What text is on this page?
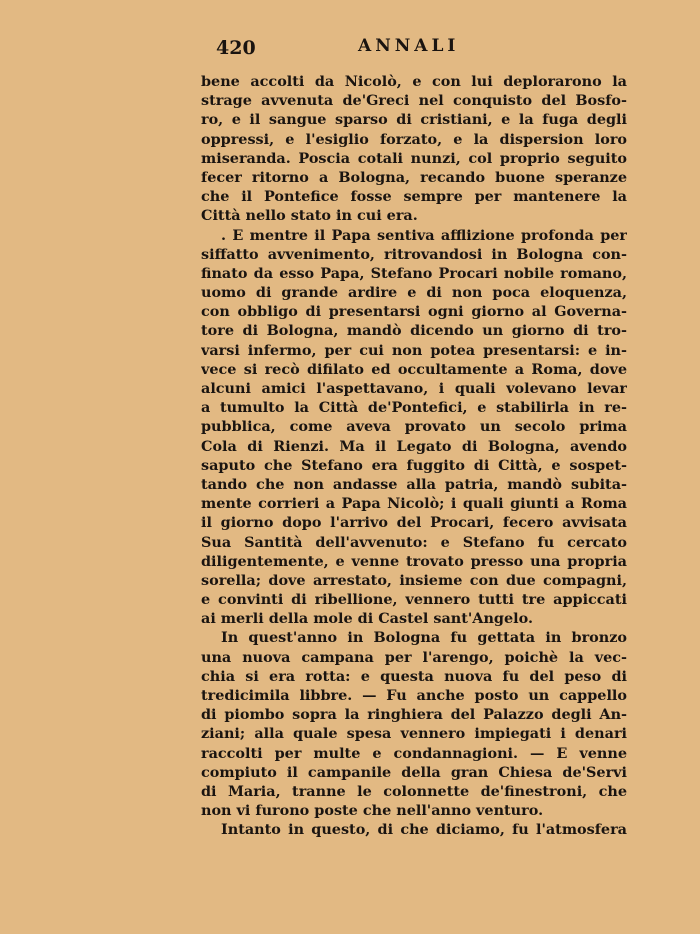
420	ANNALI
bene accolti da Nicolò, e con lui deplorarono la
strage avvenuta de'Greci nel conquisto del Bosfo-
ro, e il sangue sparso di cristiani, e la fuga degli
oppressi, e l'esiglio forzato, e la dispersion loro
miseranda. Poscia cotali nunzi, col proprio seguito
fecer ritorno a Bologna, recando buone speranze
che il Pontefice fosse sempre per mantenere la
Città nello stato in cui era.
. E mentre il Papa sentiva afflizione profonda per
siffatto avvenimento, ritrovandosi in Bologna con-
finato da esso Papa, Stefano Procari nobile romano,
uomo di grande ardire e di non poca eloquenza,
con obbligo di presentarsi ogni giorno al Governa-
tore di Bologna, mandò dicendo un giorno di tro-
varsi infermo, per cui non potea presentarsi: e in-
vece si recò difilato ed occultamente a Roma, dove
alcuni amici l'aspettavano, i quali volevano levar
a tumulto la Città de'Pontefici, e stabilirla in re-
pubblica, come aveva provato un secolo prima
Cola di Rienzi. Ma il Legato di Bologna, avendo
saputo che Stefano era fuggito di Città, e sospet-
tando che non andasse alla patria, mandò subita-
mente corrieri a Papa Nicolò; i quali giunti a Roma
il giorno dopo l'arrivo del Procari, fecero avvisata
Sua Santità dell'avvenuto: e Stefano fu cercato
diligentemente, e venne trovato presso una propria
sorella; dove arrestato, insieme con due compagni,
e convinti di ribellione, vennero tutti tre appiccati
ai merli della mole di Castel sant'Angelo.
In quest'anno in Bologna fu gettata in bronzo
una nuova campana per l'arengo, poichè la vec-
chia si era rotta: e questa nuova fu del peso di
tredicimila libbre. — Fu anche posto un cappello
di piombo sopra la ringhiera del Palazzo degli An-
ziani; alla quale spesa vennero impiegati i denari
raccolti per multe e condannagioni. — E venne
compiuto il campanile della gran Chiesa de'Servi
di Maria, tranne le colonnette de'finestroni, che
non vi furono poste che nell'anno venturo.
Intanto in questo, di che diciamo, fu l'atmosfera
